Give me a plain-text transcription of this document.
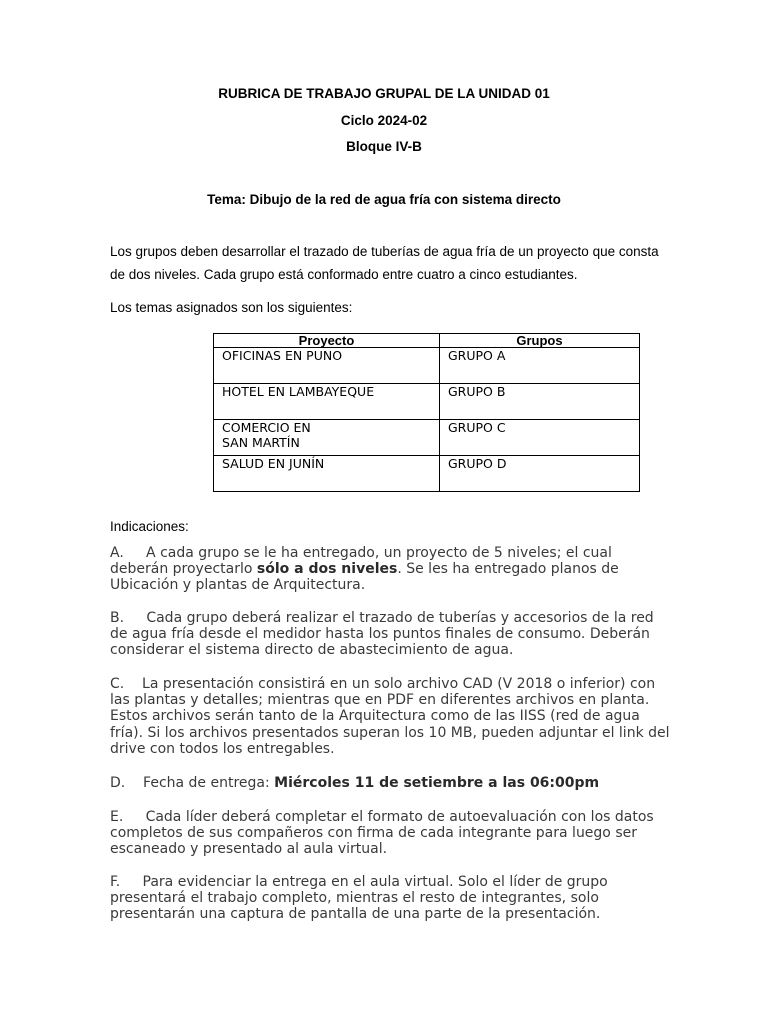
RUBRICA DE TRABAJO GRUPAL DE LA UNIDAD 01
Ciclo 2024-02
Bloque IV-B
Tema: Dibujo de la red de agua fría con sistema directo

Los grupos deben desarrollar el trazado de tuberías de agua fría de un proyecto que consta de dos niveles. Cada grupo está conformado entre cuatro a cinco estudiantes.

Los temas asignados son los siguientes:

Proyecto	Grupos
OFICINAS EN PUNO	GRUPO A
HOTEL EN LAMBAYEQUE	GRUPO B
COMERCIO EN
SAN MARTÍN	GRUPO C
SALUD EN JUNÍN	GRUPO D
Indicaciones:

A. A cada grupo se le ha entregado, un proyecto de 5 niveles; el cual deberán proyectarlo sólo a dos niveles. Se les ha entregado planos de Ubicación y plantas de Arquitectura.

B. Cada grupo deberá realizar el trazado de tuberías y accesorios de la red de agua fría desde el medidor hasta los puntos finales de consumo. Deberán considerar el sistema directo de abastecimiento de agua.

C. La presentación consistirá en un solo archivo CAD (V 2018 o inferior) con las plantas y detalles; mientras que en PDF en diferentes archivos en planta. Estos archivos serán tanto de la Arquitectura como de las IISS (red de agua fría). Si los archivos presentados superan los 10 MB, pueden adjuntar el link del drive con todos los entregables.

D. Fecha de entrega: Miércoles 11 de setiembre a las 06:00pm

E. Cada líder deberá completar el formato de autoevaluación con los datos completos de sus compañeros con firma de cada integrante para luego ser escaneado y presentado al aula virtual.

F. Para evidenciar la entrega en el aula virtual. Solo el líder de grupo presentará el trabajo completo, mientras el resto de integrantes, solo presentarán una captura de pantalla de una parte de la presentación.
